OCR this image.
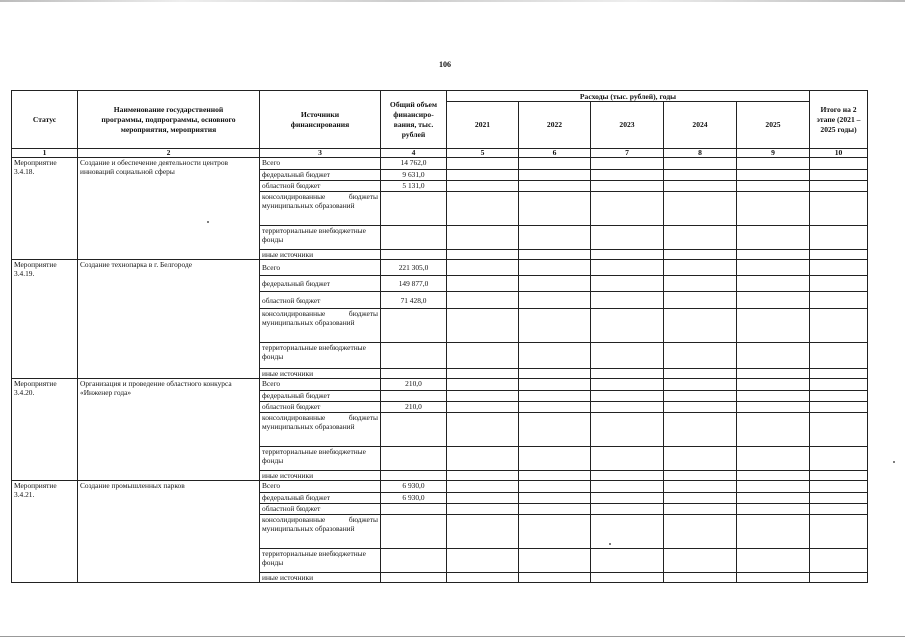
106
Статус	Наименование государственной программы, подпрограммы, основного мероприятия, мероприятия	Источники финансирования	Общий объем финансиро-вания, тыс. рублей	Расходы (тыс. рублей), годы					Итого на 2 этапе (2021 – 2025 годы)
				2021	2022	2023	2024	2025	
1	2	3	4	5	6	7	8	9	10
Мероприятие 3.4.18.	Создание и обеспечение деятельности центров инноваций социальной сферы	Всего	14 762,0						
		федеральный бюджет	9 631,0						
		областной бюджет	5 131,0						
		консолидированные бюджеты муниципальных образований							
		территориальные внебюджетные фонды							
		иные источники							
Мероприятие 3.4.19.	Создание технопарка в г. Белгороде	Всего	221 305,0						
		федеральный бюджет	149 877,0						
		областной бюджет	71 428,0						
		консолидированные бюджеты муниципальных образований							
		территориальные внебюджетные фонды							
		иные источники							
Мероприятие 3.4.20.	Организация и проведение областного конкурса «Инженер года»	Всего	210,0						
		федеральный бюджет							
		областной бюджет	210,0						
		консолидированные бюджеты муниципальных образований							
		территориальные внебюджетные фонды							
		иные источники							
Мероприятие 3.4.21.	Создание промышленных парков	Всего	6 930,0						
		федеральный бюджет	6 930,0						
		областной бюджет							
		консолидированные бюджеты муниципальных образований							
		территориальные внебюджетные фонды							
		иные источники							
